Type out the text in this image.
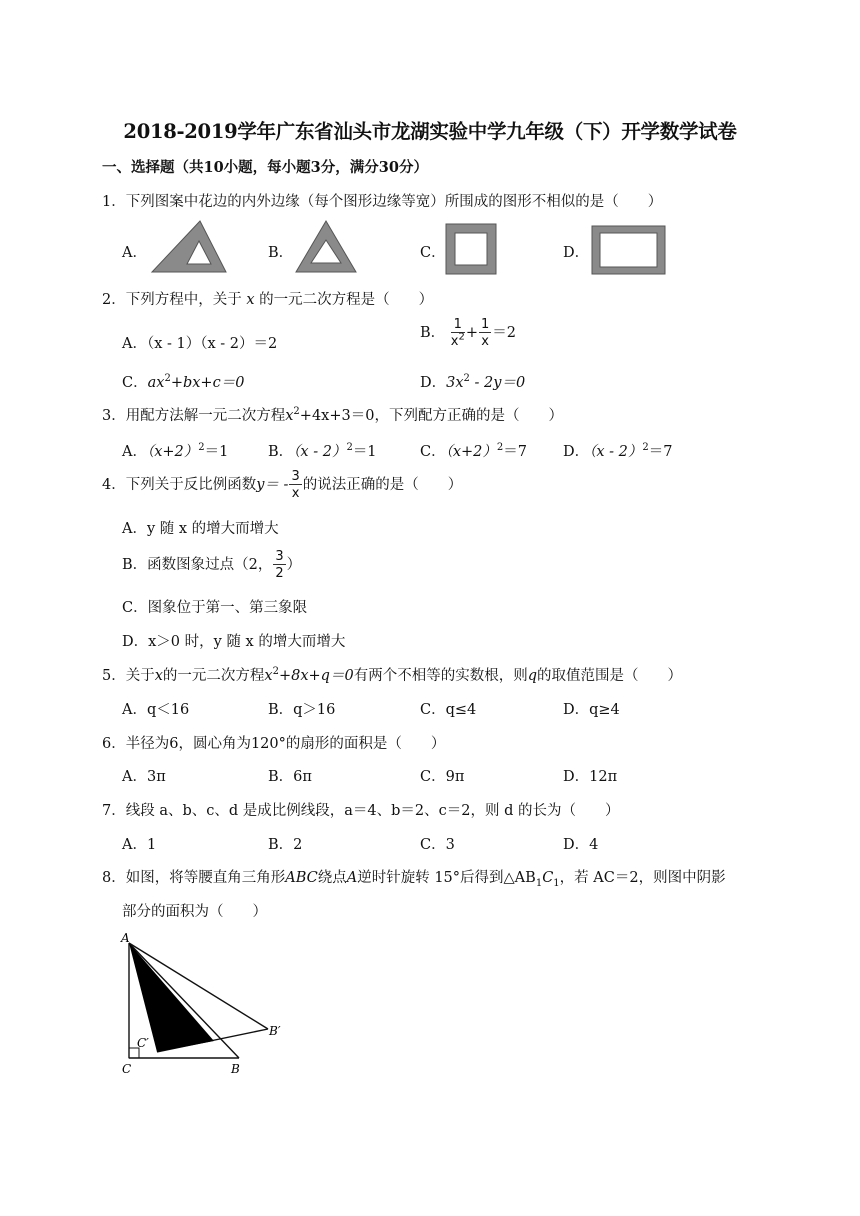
2018-2019学年广东省汕头市龙湖实验中学九年级（下）开学数学试卷
一、选择题（共10小题，每小题3分，满分30分）
1．下列图案中花边的内外边缘（每个图形边缘等宽）所围成的图形不相似的是（　　）
A．	B．	C．	D．
2．下列方程中，关于 x 的一元二次方程是（　　）
A．（x - 1）（x - 2）＝2
B． $\frac{1}{x^2} + \frac{1}{x} =2$
C．$ax^2+bx+c=0$	D．$3x^2 - 2y=0$
3．用配方法解一元二次方程$x^2+4x+3=0$，下列配方正确的是（　　）
A．$(x+2)^2=1$	B．（x - 2）$^2$＝1	C．$(x+2)^2=7$ D．（x - 2）$^2$＝7
4．下列关于反比例函数$y= - \frac{3}{x}$ 的说法正确的是（　　）
A．y 随 x 的增大而增大
B．函数图象过点（2， $\frac{3}{2}$ ）
C．图象位于第一、第三象限
D．x＞0 时，y 随 x 的增大而增大
5．关于x的一元二次方程$x^2+8x+q=0$有两个不相等的实数根，则q的取值范围是（　　）
A．q＜16	B．q＞16	C．q≤4	D．q≥4
6．半径为6，圆心角为120°的扇形的面积是（　　）
A．3π	B．6π	C．9π	D．12π
7．线段 a、b、c、d 是成比例线段，a＝4、b＝2、c＝2，则 d 的长为（　　）
A．1	B．2	C．3	D．4
8．如图，将等腰直角三角形ABC绕点A逆时针旋转 15°后得到$\triangle AB_1C_1$，若 AC＝2，则图中阴影
部分的面积为（　　）
A
C′
B′
C	B
